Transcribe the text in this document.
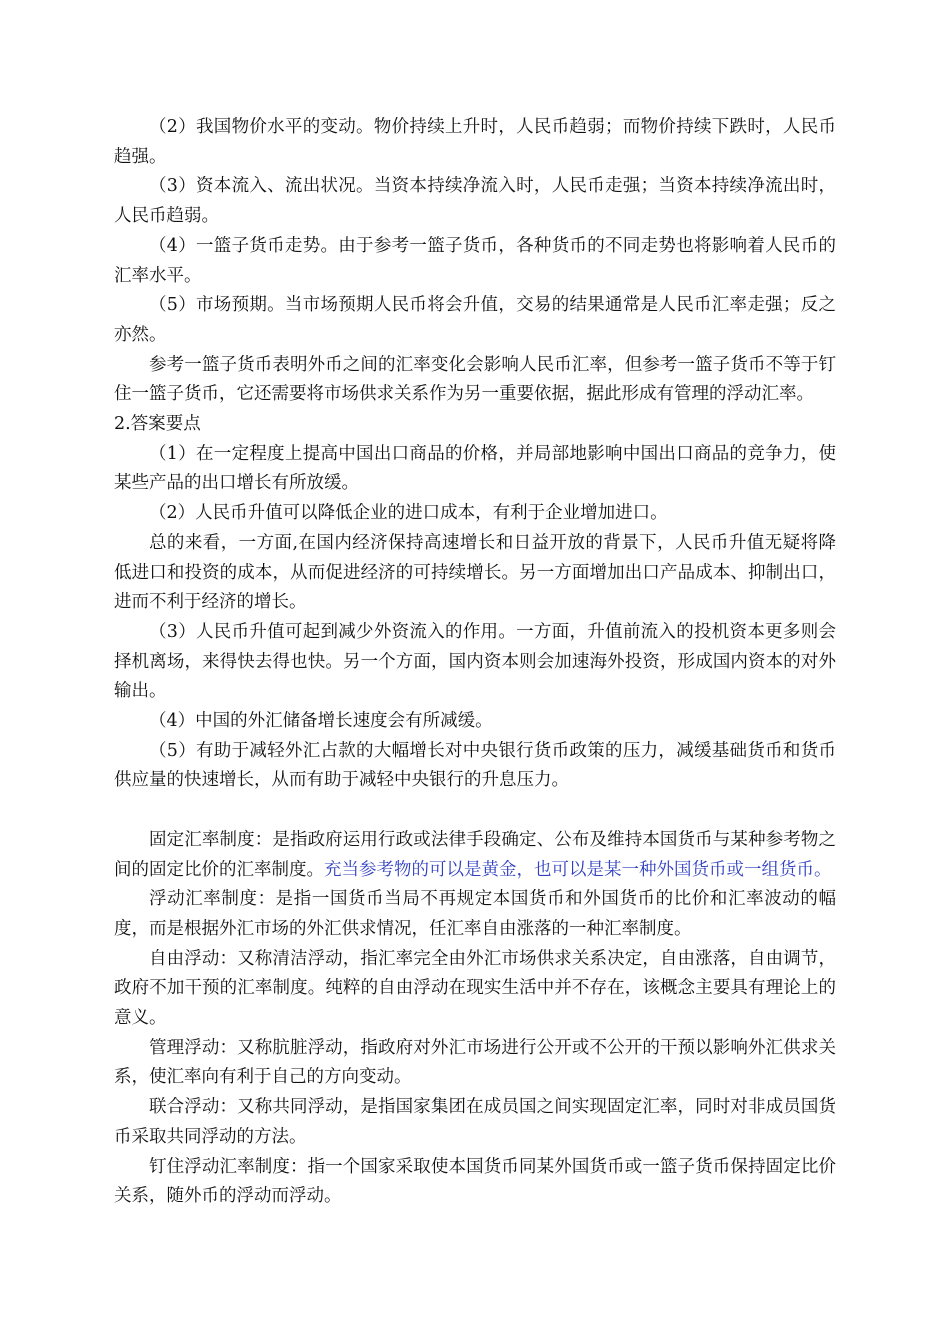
（2）我国物价水平的变动。物价持续上升时，人民币趋弱；而物价持续下跌时，人民币趋强。

（3）资本流入、流出状况。当资本持续净流入时，人民币走强；当资本持续净流出时，人民币趋弱。

（4）一篮子货币走势。由于参考一篮子货币，各种货币的不同走势也将影响着人民币的汇率水平。

（5）市场预期。当市场预期人民币将会升值，交易的结果通常是人民币汇率走强；反之亦然。

参考一篮子货币表明外币之间的汇率变化会影响人民币汇率，但参考一篮子货币不等于钉住一篮子货币，它还需要将市场供求关系作为另一重要依据，据此形成有管理的浮动汇率。

2.答案要点

（1）在一定程度上提高中国出口商品的价格，并局部地影响中国出口商品的竞争力，使某些产品的出口增长有所放缓。

（2）人民币升值可以降低企业的进口成本，有利于企业增加进口。

总的来看，一方面,在国内经济保持高速增长和日益开放的背景下，人民币升值无疑将降低进口和投资的成本，从而促进经济的可持续增长。另一方面增加出口产品成本、抑制出口，进而不利于经济的增长。

（3）人民币升值可起到减少外资流入的作用。一方面，升值前流入的投机资本更多则会择机离场，来得快去得也快。另一个方面，国内资本则会加速海外投资，形成国内资本的对外输出。

（4）中国的外汇储备增长速度会有所减缓。

（5）有助于减轻外汇占款的大幅增长对中央银行货币政策的压力，减缓基础货币和货币供应量的快速增长，从而有助于减轻中央银行的升息压力。

固定汇率制度：是指政府运用行政或法律手段确定、公布及维持本国货币与某种参考物之间的固定比价的汇率制度。充当参考物的可以是黄金，也可以是某一种外国货币或一组货币。

浮动汇率制度：是指一国货币当局不再规定本国货币和外国货币的比价和汇率波动的幅度，而是根据外汇市场的外汇供求情况，任汇率自由涨落的一种汇率制度。

自由浮动：又称清洁浮动，指汇率完全由外汇市场供求关系决定，自由涨落，自由调节，政府不加干预的汇率制度。纯粹的自由浮动在现实生活中并不存在，该概念主要具有理论上的意义。

管理浮动：又称肮脏浮动，指政府对外汇市场进行公开或不公开的干预以影响外汇供求关系，使汇率向有利于自己的方向变动。

联合浮动：又称共同浮动，是指国家集团在成员国之间实现固定汇率，同时对非成员国货币采取共同浮动的方法。

钉住浮动汇率制度：指一个国家采取使本国货币同某外国货币或一篮子货币保持固定比价关系，随外币的浮动而浮动。
